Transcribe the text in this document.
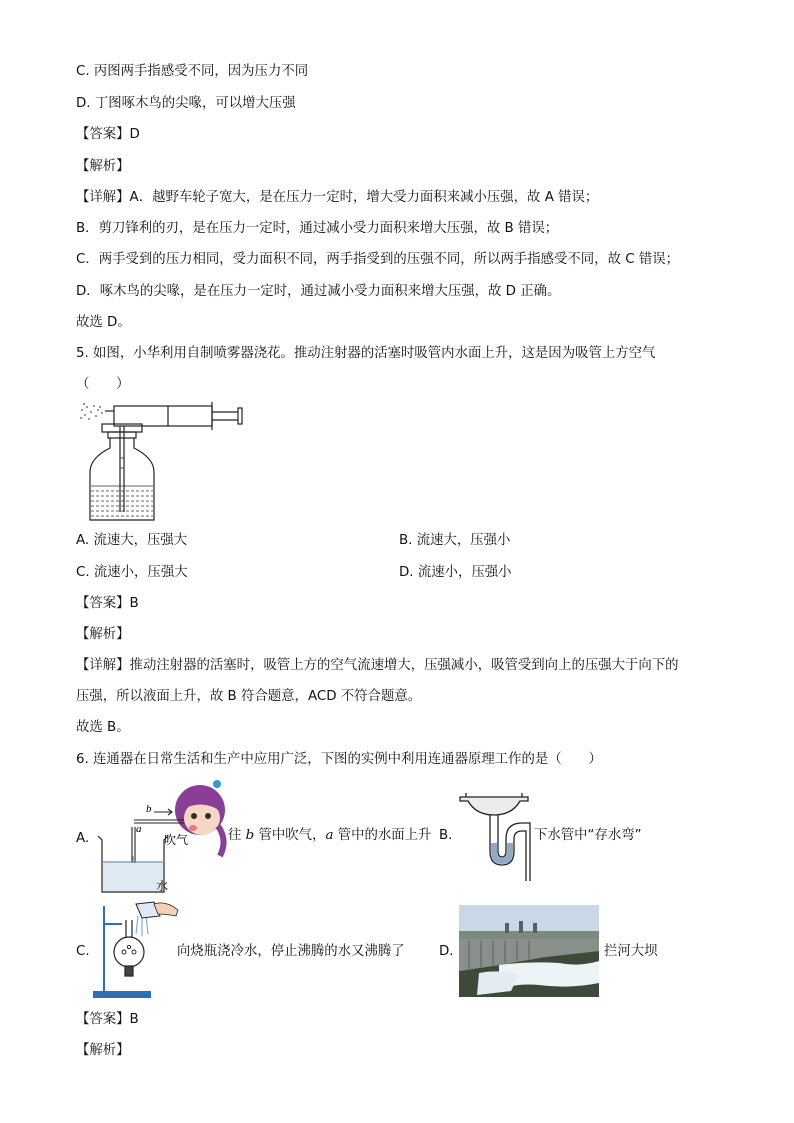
C. 丙图两手指感受不同，因为压力不同
D. 丁图啄木鸟的尖喙，可以增大压强
【答案】D
【解析】
【详解】A．越野车轮子宽大，是在压力一定时，增大受力面积来减小压强，故 A 错误；
B．剪刀锋利的刃，是在压力一定时，通过减小受力面积来增大压强，故 B 错误；
C．两手受到的压力相同，受力面积不同，两手指受到的压强不同，所以两手指感受不同，故 C 错误；
D．啄木鸟的尖喙，是在压力一定时，通过减小受力面积来增大压强，故 D 正确。
故选 D。
5. 如图，小华利用自制喷雾器浇花。推动注射器的活塞时吸管内水面上升，这是因为吸管上方空气
（　　）
A. 流速大，压强大	B. 流速大，压强小
C. 流速小，压强大	D. 流速小，压强小
【答案】B
【解析】
【详解】推动注射器的活塞时，吸管上方的空气流速增大，压强减小，吸管受到向上的压强大于向下的
压强，所以液面上升，故 B 符合题意，ACD 不符合题意。
故选 B。
6. 连通器在日常生活和生产中应用广泛，下图的实例中利用连通器原理工作的是（　　）
A.
b
a
吹气
水
往 b 管中吹气，a 管中的水面上升 B.	下水管中“存水弯”
C.	向烧瓶浇冷水，停止沸腾的水又沸腾了	D.	拦河大坝
【答案】B
【解析】
